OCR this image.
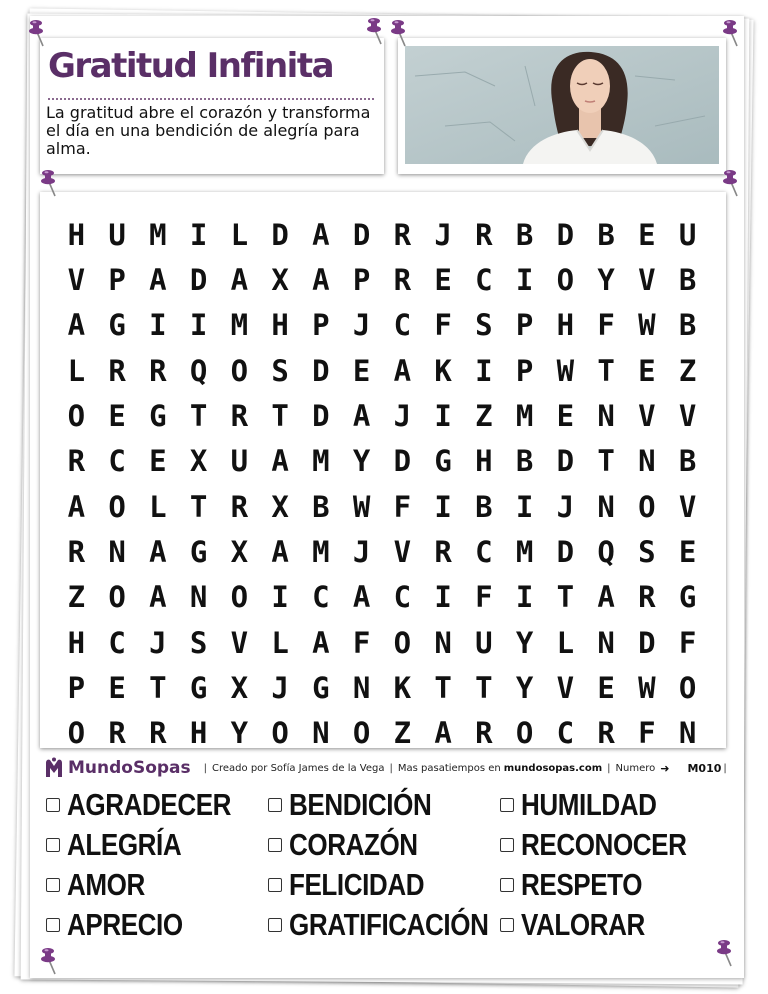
Gratitud Infinita

La gratitud abre el corazón y transforma el día en una bendición de alegría para alma.

H U M I L D A D R J R B D B E U
V P A D A X A P R E C I O Y V B
A G I I M H P J C F S P H F W B
L R R Q O S D E A K I P W T E Z
O E G T R T D A J I Z M E N V V
R C E X U A M Y D G H B D T N B
A O L T R X B W F I B I J N O V
R N A G X A M J V R C M D Q S E
Z O A N O I C A C I F I T A R G
H C J S V L A F O N U Y L N D F
P E T G X J G N K T T Y V E W O
O R R H Y O N O Z A R O C R F N
MundoSopas | Creado por Sofía James de la Vega | Mas pasatiempos en mundosopas.com | Numero ➜ M010 |
AGRADECER
ALEGRÍA
AMOR
APRECIO
BENDICIÓN
CORAZÓN
FELICIDAD
GRATIFICACIÓN
HUMILDAD
RECONOCER
RESPETO
VALORAR
